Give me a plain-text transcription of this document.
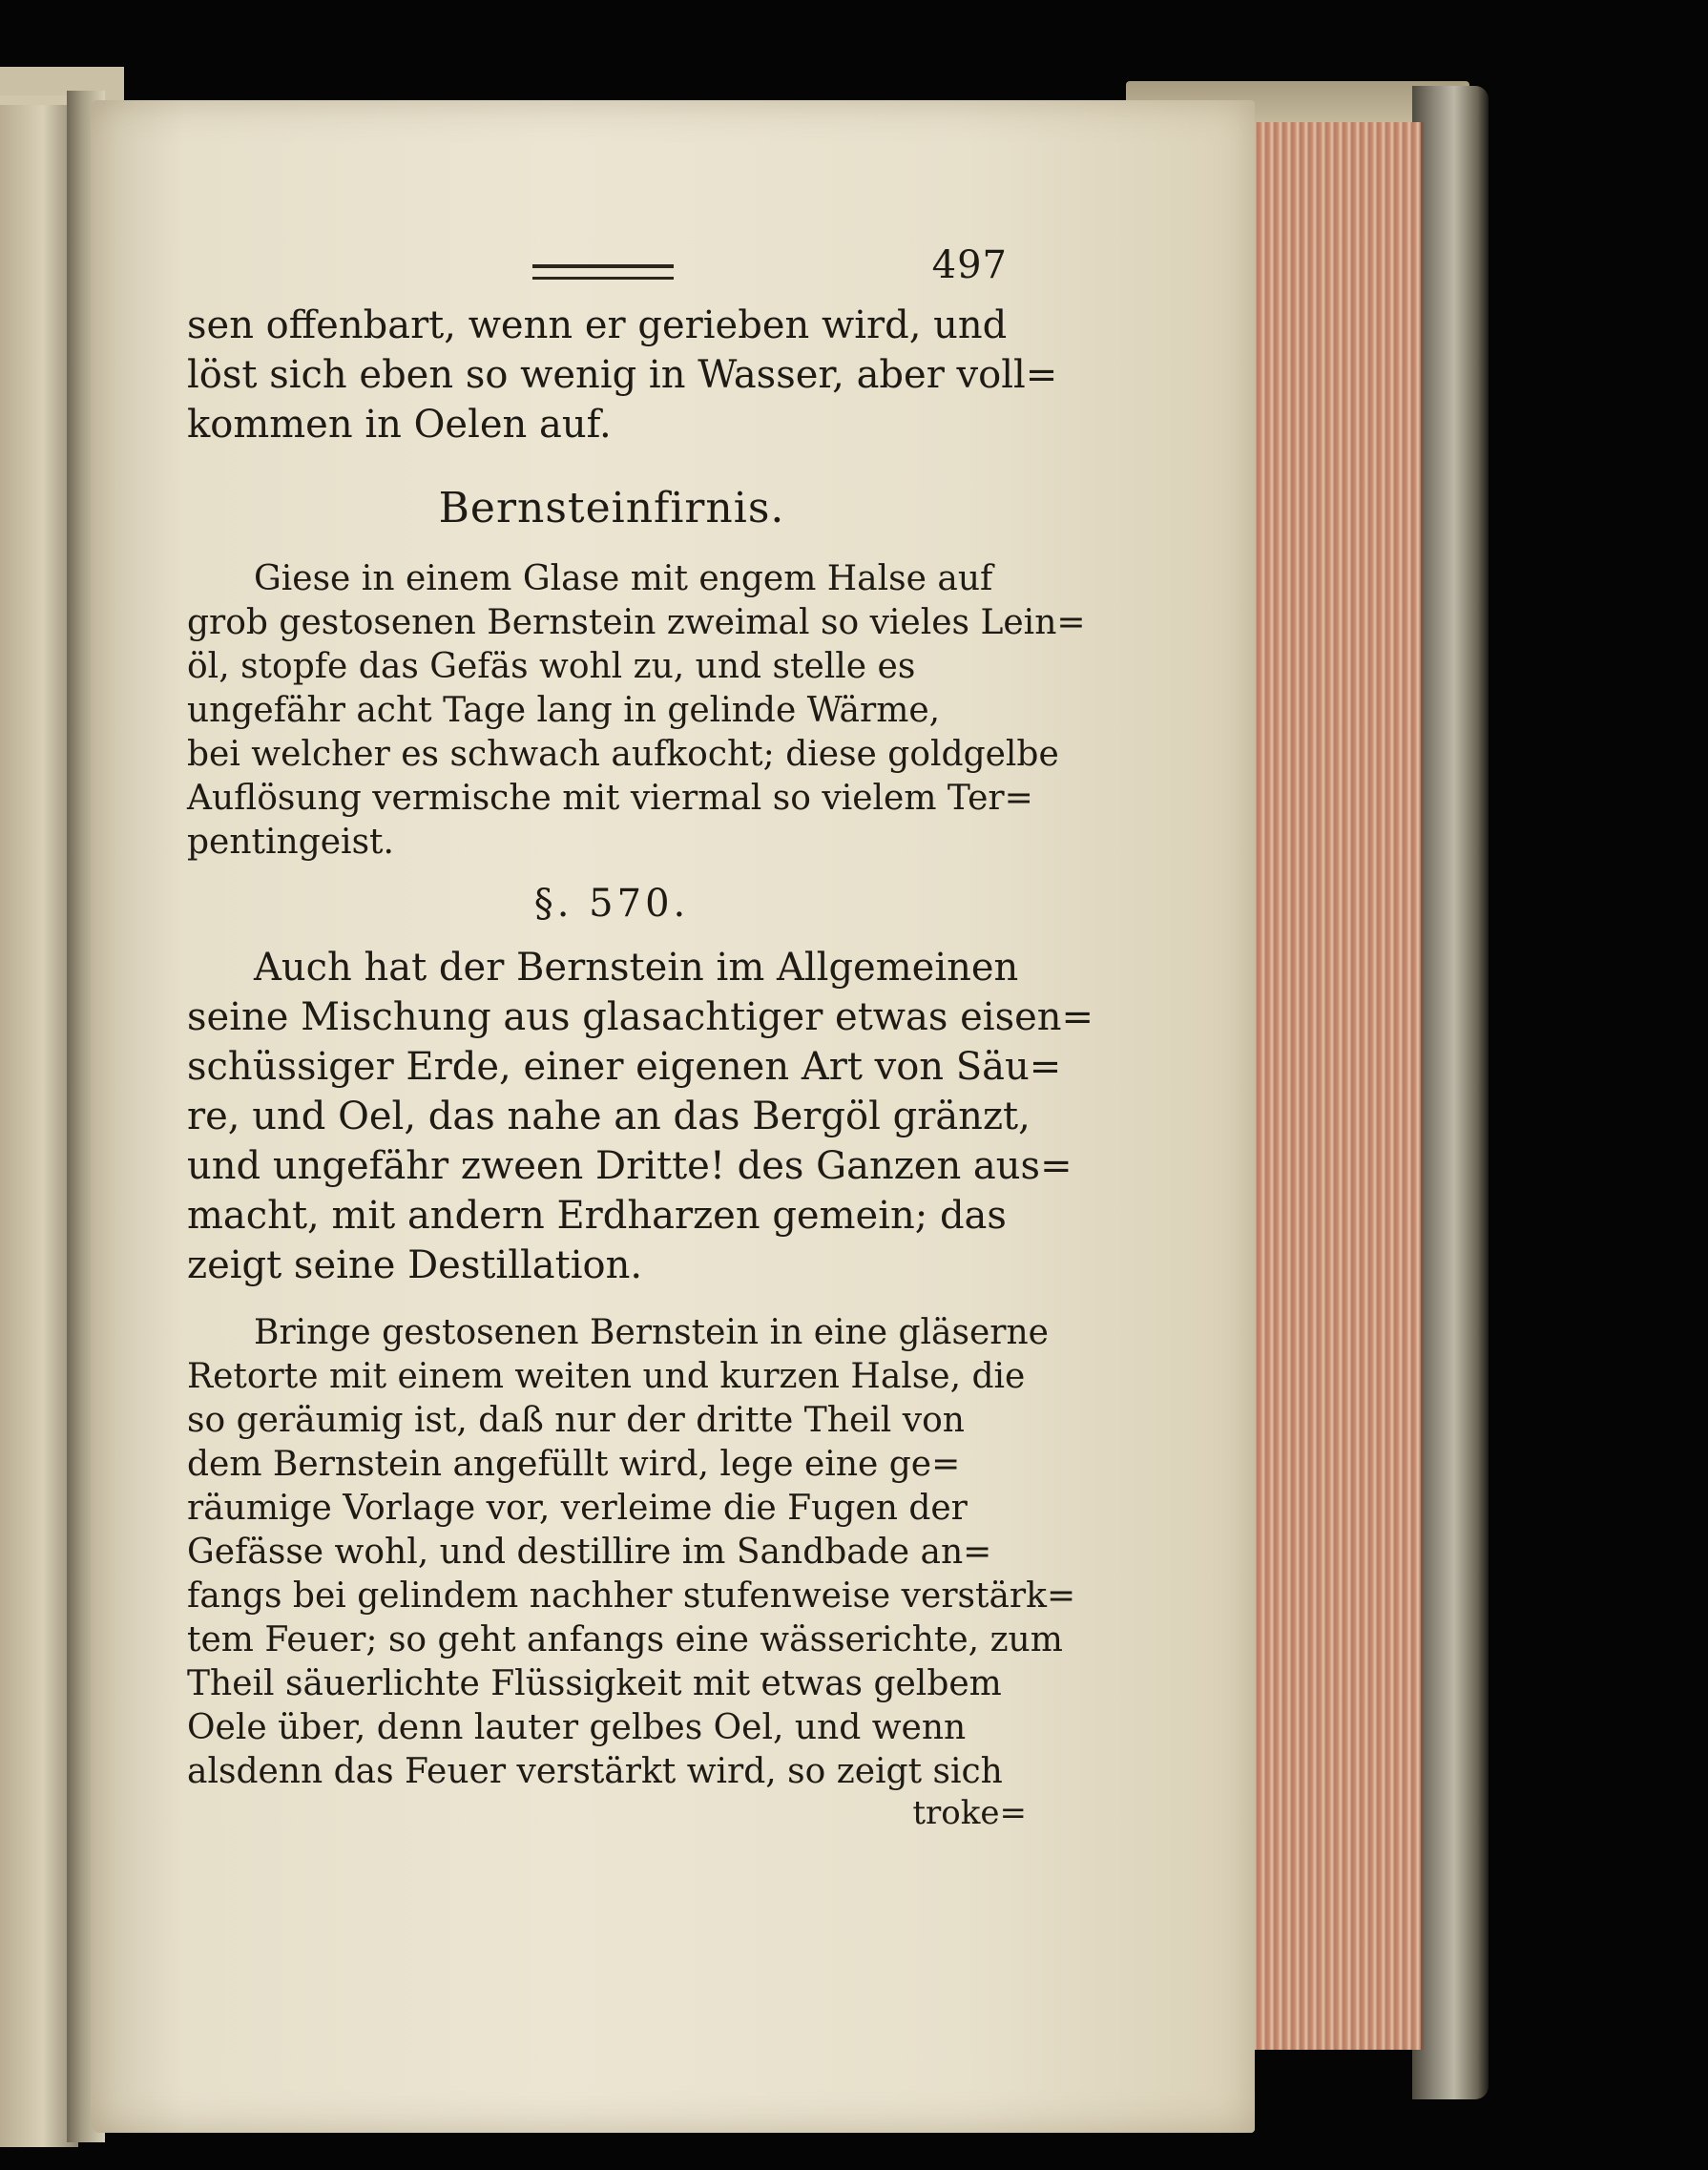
497

sen offenbart, wenn er gerieben wird, und
löst sich eben so wenig in Wasser, aber voll=
kommen in Oelen auf.

Bernsteinfirnis.

Giese in einem Glase mit engem Halse auf
grob gestosenen Bernstein zweimal so vieles Lein=
öl, stopfe das Gefäs wohl zu, und stelle es
ungefähr acht Tage lang in gelinde Wärme,
bei welcher es schwach aufkocht; diese goldgelbe
Auflösung vermische mit viermal so vielem Ter=
pentingeist.

§. 570.

Auch hat der Bernstein im Allgemeinen
seine Mischung aus glasachtiger etwas eisen=
schüssiger Erde, einer eigenen Art von Säu=
re, und Oel, das nahe an das Bergöl gränzt,
und ungefähr zween Dritte! des Ganzen aus=
macht, mit andern Erdharzen gemein; das
zeigt seine Destillation.

Bringe gestosenen Bernstein in eine gläserne
Retorte mit einem weiten und kurzen Halse, die
so geräumig ist, daß nur der dritte Theil von
dem Bernstein angefüllt wird, lege eine ge=
räumige Vorlage vor, verleime die Fugen der
Gefässe wohl, und destillire im Sandbade an=
fangs bei gelindem nachher stufenweise verstärk=
tem Feuer; so geht anfangs eine wässerichte, zum
Theil säuerlichte Flüssigkeit mit etwas gelbem
Oele über, denn lauter gelbes Oel, und wenn
alsdenn das Feuer verstärkt wird, so zeigt sich

troke=
